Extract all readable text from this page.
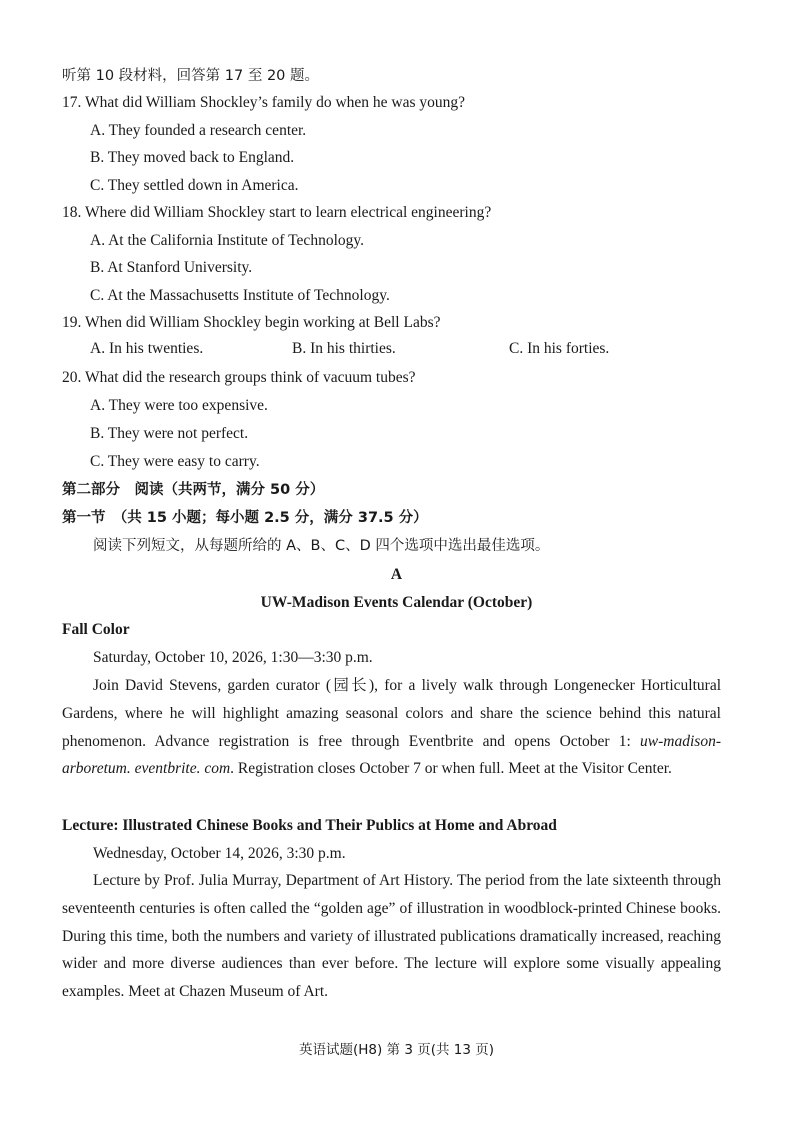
听第 10 段材料，回答第 17 至 20 题。
17. What did William Shockley’s family do when he was young?
A. They founded a research center.
B. They moved back to England.
C. They settled down in America.
18. Where did William Shockley start to learn electrical engineering?
A. At the California Institute of Technology.
B. At Stanford University.
C. At the Massachusetts Institute of Technology.
19. When did William Shockley begin working at Bell Labs?
A. In his twenties.	B. In his thirties.	C. In his forties.
20. What did the research groups think of vacuum tubes?
A. They were too expensive.
B. They were not perfect.
C. They were easy to carry.
第二部分　阅读（共两节，满分 50 分）
第一节　（共 15 小题；每小题 2.5 分，满分 37.5 分）
阅读下列短文，从每题所给的 A、B、C、D 四个选项中选出最佳选项。
A
UW-Madison Events Calendar (October)
Fall Color
Saturday, October 10, 2026, 1:30—3:30 p.m.
Join David Stevens, garden curator (园长), for a lively walk through Longenecker Horticultural Gardens, where he will highlight amazing seasonal colors and share the science behind this natural phenomenon. Advance registration is free through Eventbrite and opens October 1: uw-madison-arboretum. eventbrite. com. Registration closes October 7 or when full. Meet at the Visitor Center.
Lecture: Illustrated Chinese Books and Their Publics at Home and Abroad
Wednesday, October 14, 2026, 3:30 p.m.
Lecture by Prof. Julia Murray, Department of Art History. The period from the late sixteenth through seventeenth centuries is often called the “golden age” of illustration in woodblock-printed Chinese books. During this time, both the numbers and variety of illustrated publications dramatically increased, reaching wider and more diverse audiences than ever before. The lecture will explore some visually appealing examples. Meet at Chazen Museum of Art.
英语试题(H8) 第 3 页(共 13 页)
